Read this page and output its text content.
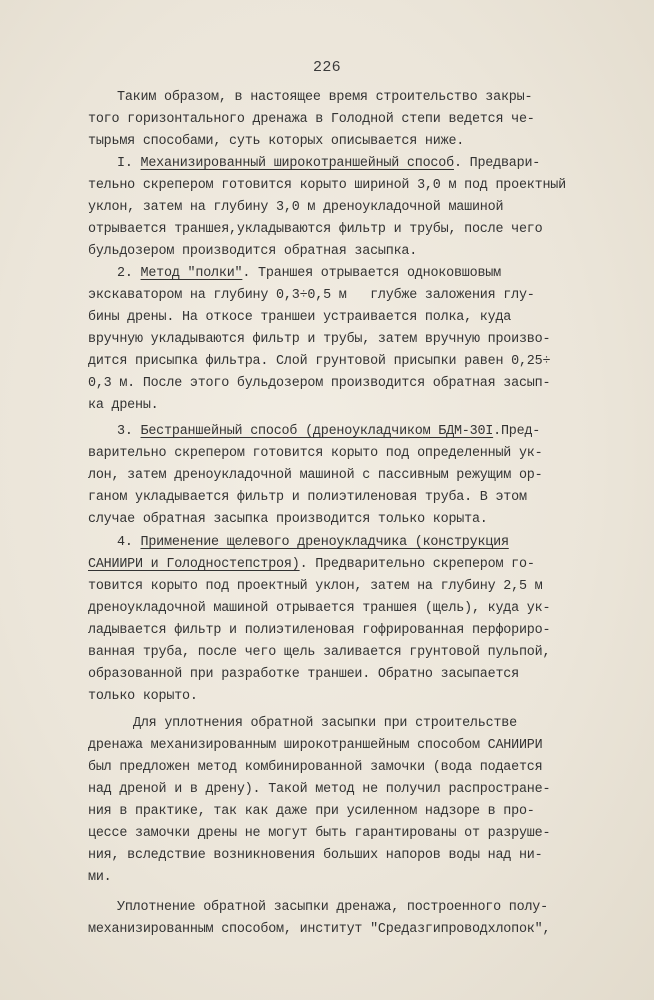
226
Таким образом, в настоящее время строительство закры-
того горизонтального дренажа в Голодной степи ведется че-
тырьмя способами, суть которых описывается ниже.
I. Механизированный широкотраншейный способ. Предвари-
тельно скрепером готовится корыто шириной 3,0 м под проектный
уклон, затем на глубину 3,0 м дреноукладочной машиной
отрывается траншея,укладываются фильтр и трубы, после чего
бульдозером производится обратная засыпка.
2. Метод "полки". Траншея отрывается одноковшовым
экскаватором на глубину 0,3÷0,5 м   глубже заложения глу-
бины дрены. На откосе траншеи устраивается полка, куда
вручную укладываются фильтр и трубы, затем вручную произво-
дится присыпка фильтра. Слой грунтовой присыпки равен 0,25÷
0,3 м. После этого бульдозером производится обратная засып-
ка дрены.
3. Бестраншейный способ (дреноукладчиком БДМ-30I.Пред-
варительно скрепером готовится корыто под определенный ук-
лон, затем дреноукладочной машиной с пассивным режущим ор-
ганом укладывается фильтр и полиэтиленовая труба. В этом
случае обратная засыпка производится только корыта.
4. Применение щелевого дреноукладчика (конструкция
САНИИРИ и Голодностепстроя). Предварительно скрепером го-
товится корыто под проектный уклон, затем на глубину 2,5 м
дреноукладочной машиной отрывается траншея (щель), куда ук-
ладывается фильтр и полиэтиленовая гофрированная перфориро-
ванная труба, после чего щель заливается грунтовой пульпой,
образованной при разработке траншеи. Обратно засыпается
только корыто.
Для уплотнения обратной засыпки при строительстве
дренажа механизированным широкотраншейным способом САНИИРИ
был предложен метод комбинированной замочки (вода подается
над дреной и в дрену). Такой метод не получил распростране-
ния в практике, так как даже при усиленном надзоре в про-
цессе замочки дрены не могут быть гарантированы от разруше-
ния, вследствие возникновения больших напоров воды над ни-
ми.
Уплотнение обратной засыпки дренажа, построенного полу-
механизированным способом, институт "Средазгипроводхлопок",
